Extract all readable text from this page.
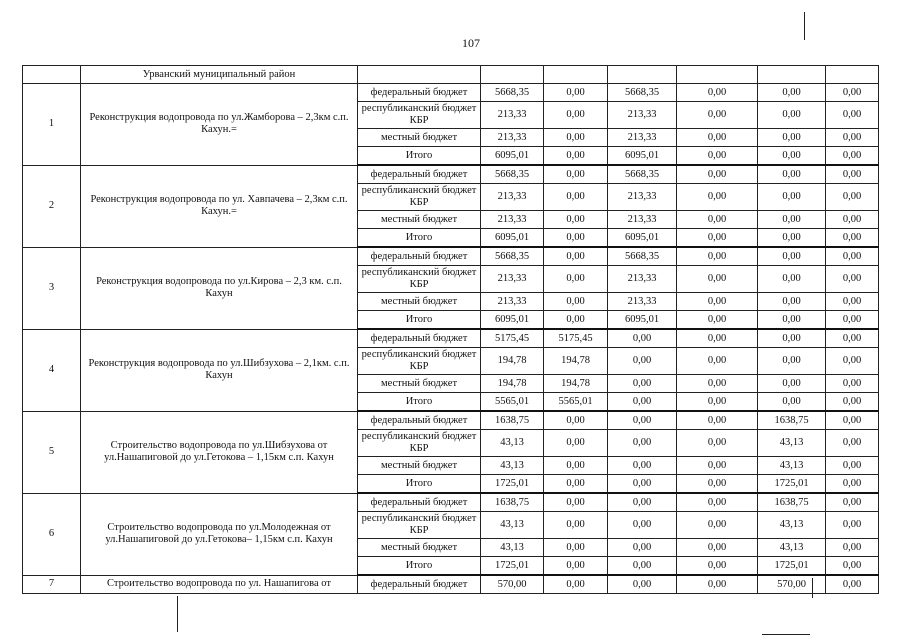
107
	Урванский муниципальный район							
1	Реконструкция водопровода по ул.Жамборова – 2,3км с.п. Кахун.=	федеральный бюджет	5668,35	0,00	5668,35	0,00	0,00	0,00
		республиканский бюджет КБР	213,33	0,00	213,33	0,00	0,00	0,00
		местный бюджет	213,33	0,00	213,33	0,00	0,00	0,00
		Итого	6095,01	0,00	6095,01	0,00	0,00	0,00
2	Реконструкция водопровода по ул. Хавпачева – 2,3км с.п. Кахун.=	федеральный бюджет	5668,35	0,00	5668,35	0,00	0,00	0,00
		республиканский бюджет КБР	213,33	0,00	213,33	0,00	0,00	0,00
		местный бюджет	213,33	0,00	213,33	0,00	0,00	0,00
		Итого	6095,01	0,00	6095,01	0,00	0,00	0,00
3	Реконструкция водопровода по ул.Кирова – 2,3 км. с.п. Кахун	федеральный бюджет	5668,35	0,00	5668,35	0,00	0,00	0,00
		республиканский бюджет КБР	213,33	0,00	213,33	0,00	0,00	0,00
		местный бюджет	213,33	0,00	213,33	0,00	0,00	0,00
		Итого	6095,01	0,00	6095,01	0,00	0,00	0,00
4	Реконструкция водопровода по ул.Шибзухова – 2,1км. с.п. Кахун	федеральный бюджет	5175,45	5175,45	0,00	0,00	0,00	0,00
		республиканский бюджет КБР	194,78	194,78	0,00	0,00	0,00	0,00
		местный бюджет	194,78	194,78	0,00	0,00	0,00	0,00
		Итого	5565,01	5565,01	0,00	0,00	0,00	0,00
5	Строительство водопровода по ул.Шибзухова от ул.Нашапиговой до ул.Гетокова – 1,15км с.п. Кахун	федеральный бюджет	1638,75	0,00	0,00	0,00	1638,75	0,00
		республиканский бюджет КБР	43,13	0,00	0,00	0,00	43,13	0,00
		местный бюджет	43,13	0,00	0,00	0,00	43,13	0,00
		Итого	1725,01	0,00	0,00	0,00	1725,01	0,00
6	Строительство водопровода по ул.Молодежная от ул.Нашапиговой до ул.Гетокова– 1,15км с.п. Кахун	федеральный бюджет	1638,75	0,00	0,00	0,00	1638,75	0,00
		республиканский бюджет КБР	43,13	0,00	0,00	0,00	43,13	0,00
		местный бюджет	43,13	0,00	0,00	0,00	43,13	0,00
		Итого	1725,01	0,00	0,00	0,00	1725,01	0,00
7	Строительство водопровода по ул. Нашапигова от	федеральный бюджет	570,00	0,00	0,00	0,00	570,00	0,00
